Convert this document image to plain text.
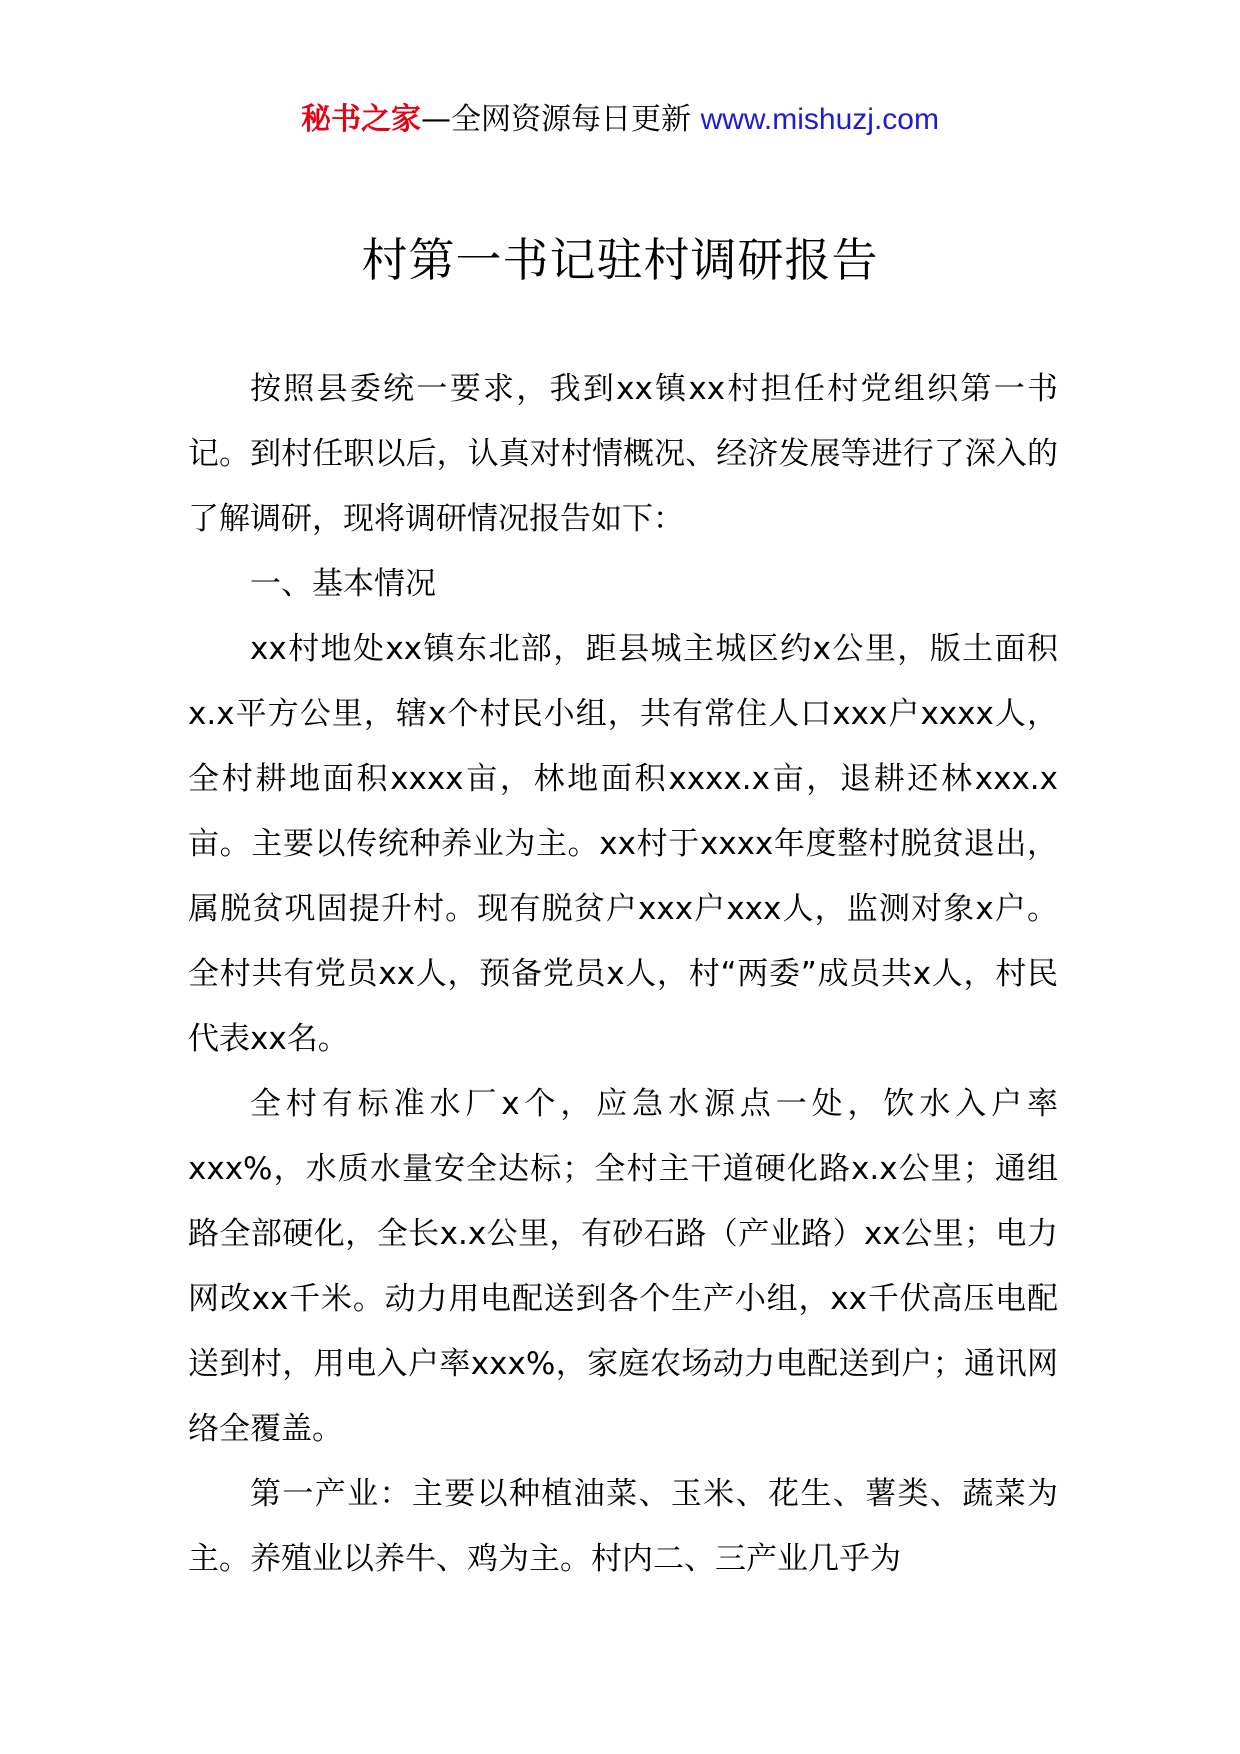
秘书之家—全网资源每日更新 www.mishuzj.com
村第一书记驻村调研报告

按照县委统一要求，我到xx镇xx村担任村党组织第一书记。到村任职以后，认真对村情概况、经济发展等进行了深入的了解调研，现将调研情况报告如下：

一、基本情况

xx村地处xx镇东北部，距县城主城区约x公里，版土面积x.x平方公里，辖x个村民小组，共有常住人口xxx户xxxx人，全村耕地面积xxxx亩，林地面积xxxx.x亩，退耕还林xxx.x亩。主要以传统种养业为主。xx村于xxxx年度整村脱贫退出，属脱贫巩固提升村。现有脱贫户xxx户xxx人，监测对象x户。全村共有党员xx人，预备党员x人，村“两委”成员共x人，村民代表xx名。

全村有标准水厂x个，应急水源点一处，饮水入户率xxx%，水质水量安全达标；全村主干道硬化路x.x公里；通组路全部硬化，全长x.x公里，有砂石路（产业路）xx公里；电力网改xx千米。动力用电配送到各个生产小组，xx千伏高压电配送到村，用电入户率xxx%，家庭农场动力电配送到户；通讯网络全覆盖。

第一产业：主要以种植油菜、玉米、花生、薯类、蔬菜为主。养殖业以养牛、鸡为主。村内二、三产业几乎为
